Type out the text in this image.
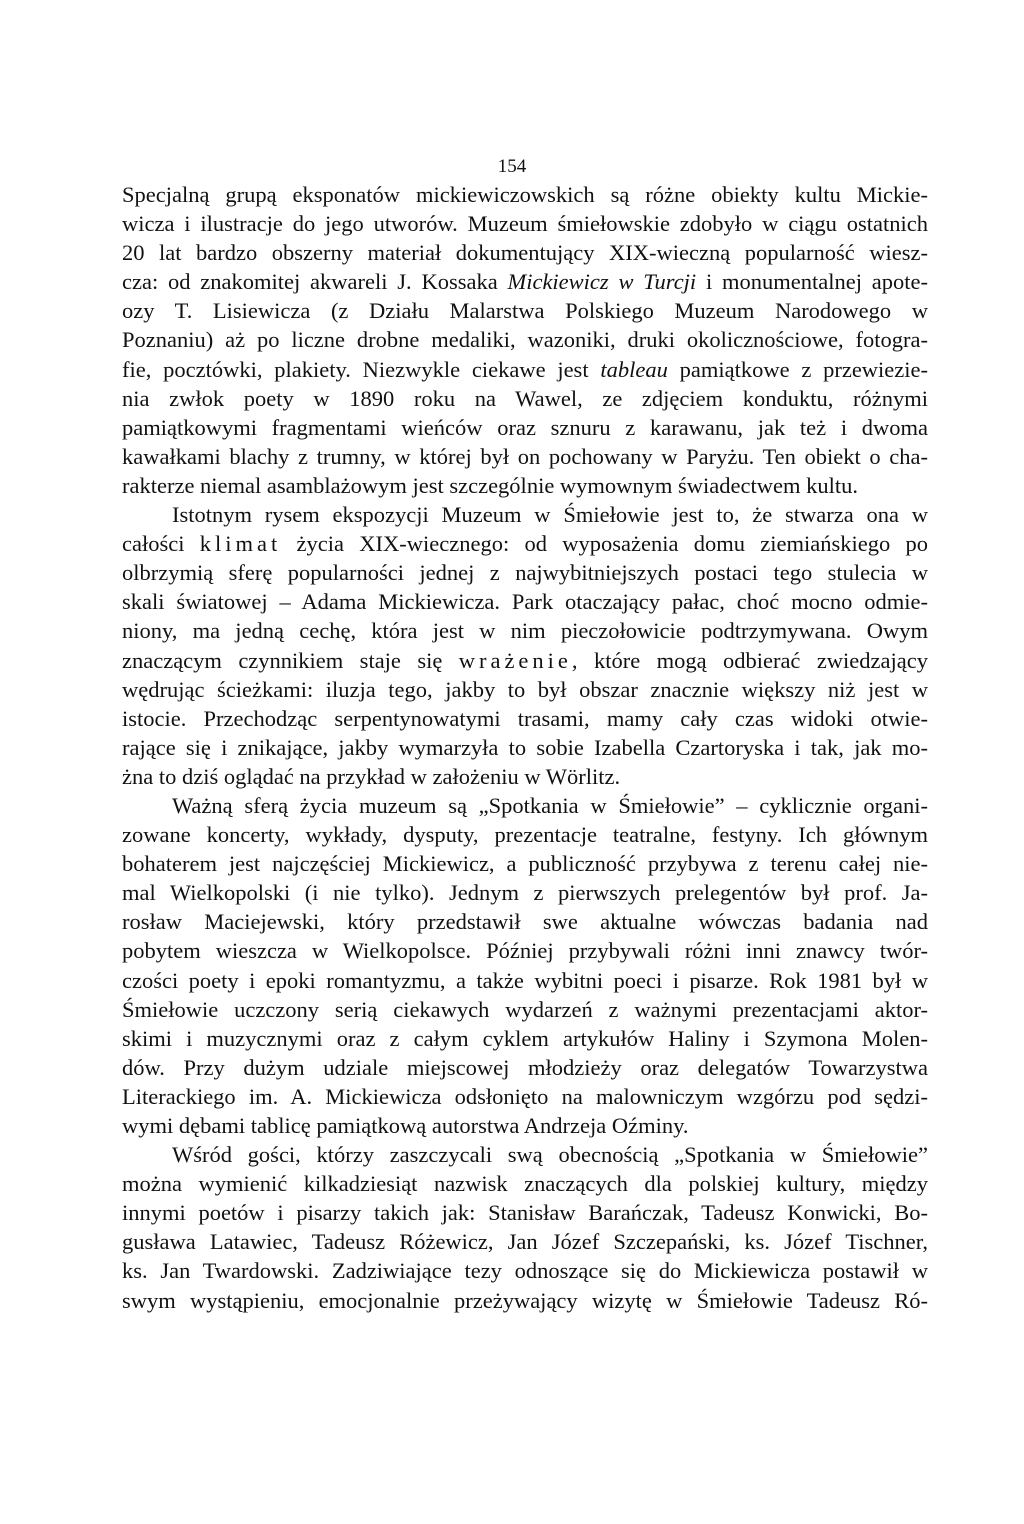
154
Specjalną grupą eksponatów mickiewiczowskich są różne obiekty kultu Mickie-
wicza i ilustracje do jego utworów. Muzeum śmiełowskie zdobyło w ciągu ostatnich
20 lat bardzo obszerny materiał dokumentujący XIX-wieczną popularność wiesz-
cza: od znakomitej akwareli J. Kossaka Mickiewicz w Turcji i monumentalnej apote-
ozy T. Lisiewicza (z Działu Malarstwa Polskiego Muzeum Narodowego w
Poznaniu) aż po liczne drobne medaliki, wazoniki, druki okolicznościowe, fotogra-
fie, pocztówki, plakiety. Niezwykle ciekawe jest tableau pamiątkowe z przewiezie-
nia zwłok poety w 1890 roku na Wawel, ze zdjęciem konduktu, różnymi
pamiątkowymi fragmentami wieńców oraz sznuru z karawanu, jak też i dwoma
kawałkami blachy z trumny, w której był on pochowany w Paryżu. Ten obiekt o cha-
rakterze niemal asamblażowym jest szczególnie wymownym świadectwem kultu.
Istotnym rysem ekspozycji Muzeum w Śmiełowie jest to, że stwarza ona w
całości klimat życia XIX-wiecznego: od wyposażenia domu ziemiańskiego po
olbrzymią sferę popularności jednej z najwybitniejszych postaci tego stulecia w
skali światowej – Adama Mickiewicza. Park otaczający pałac, choć mocno odmie-
niony, ma jedną cechę, która jest w nim pieczołowicie podtrzymywana. Owym
znaczącym czynnikiem staje się wrażenie, które mogą odbierać zwiedzający
wędrując ścieżkami: iluzja tego, jakby to był obszar znacznie większy niż jest w
istocie. Przechodząc serpentynowatymi trasami, mamy cały czas widoki otwie-
rające się i znikające, jakby wymarzyła to sobie Izabella Czartoryska i tak, jak mo-
żna to dziś oglądać na przykład w założeniu w Wörlitz.
Ważną sferą życia muzeum są „Spotkania w Śmiełowie” – cyklicznie organi-
zowane koncerty, wykłady, dysputy, prezentacje teatralne, festyny. Ich głównym
bohaterem jest najczęściej Mickiewicz, a publiczność przybywa z terenu całej nie-
mal Wielkopolski (i nie tylko). Jednym z pierwszych prelegentów był prof. Ja-
rosław Maciejewski, który przedstawił swe aktualne wówczas badania nad
pobytem wieszcza w Wielkopolsce. Później przybywali różni inni znawcy twór-
czości poety i epoki romantyzmu, a także wybitni poeci i pisarze. Rok 1981 był w
Śmiełowie uczczony serią ciekawych wydarzeń z ważnymi prezentacjami aktor-
skimi i muzycznymi oraz z całym cyklem artykułów Haliny i Szymona Molen-
dów. Przy dużym udziale miejscowej młodzieży oraz delegatów Towarzystwa
Literackiego im. A. Mickiewicza odsłonięto na malowniczym wzgórzu pod sędzi-
wymi dębami tablicę pamiątkową autorstwa Andrzeja Oźminy.
Wśród gości, którzy zaszczycali swą obecnością „Spotkania w Śmiełowie”
można wymienić kilkadziesiąt nazwisk znaczących dla polskiej kultury, między
innymi poetów i pisarzy takich jak: Stanisław Barańczak, Tadeusz Konwicki, Bo-
gusława Latawiec, Tadeusz Różewicz, Jan Józef Szczepański, ks. Józef Tischner,
ks. Jan Twardowski. Zadziwiające tezy odnoszące się do Mickiewicza postawił w
swym wystąpieniu, emocjonalnie przeżywający wizytę w Śmiełowie Tadeusz Ró-
